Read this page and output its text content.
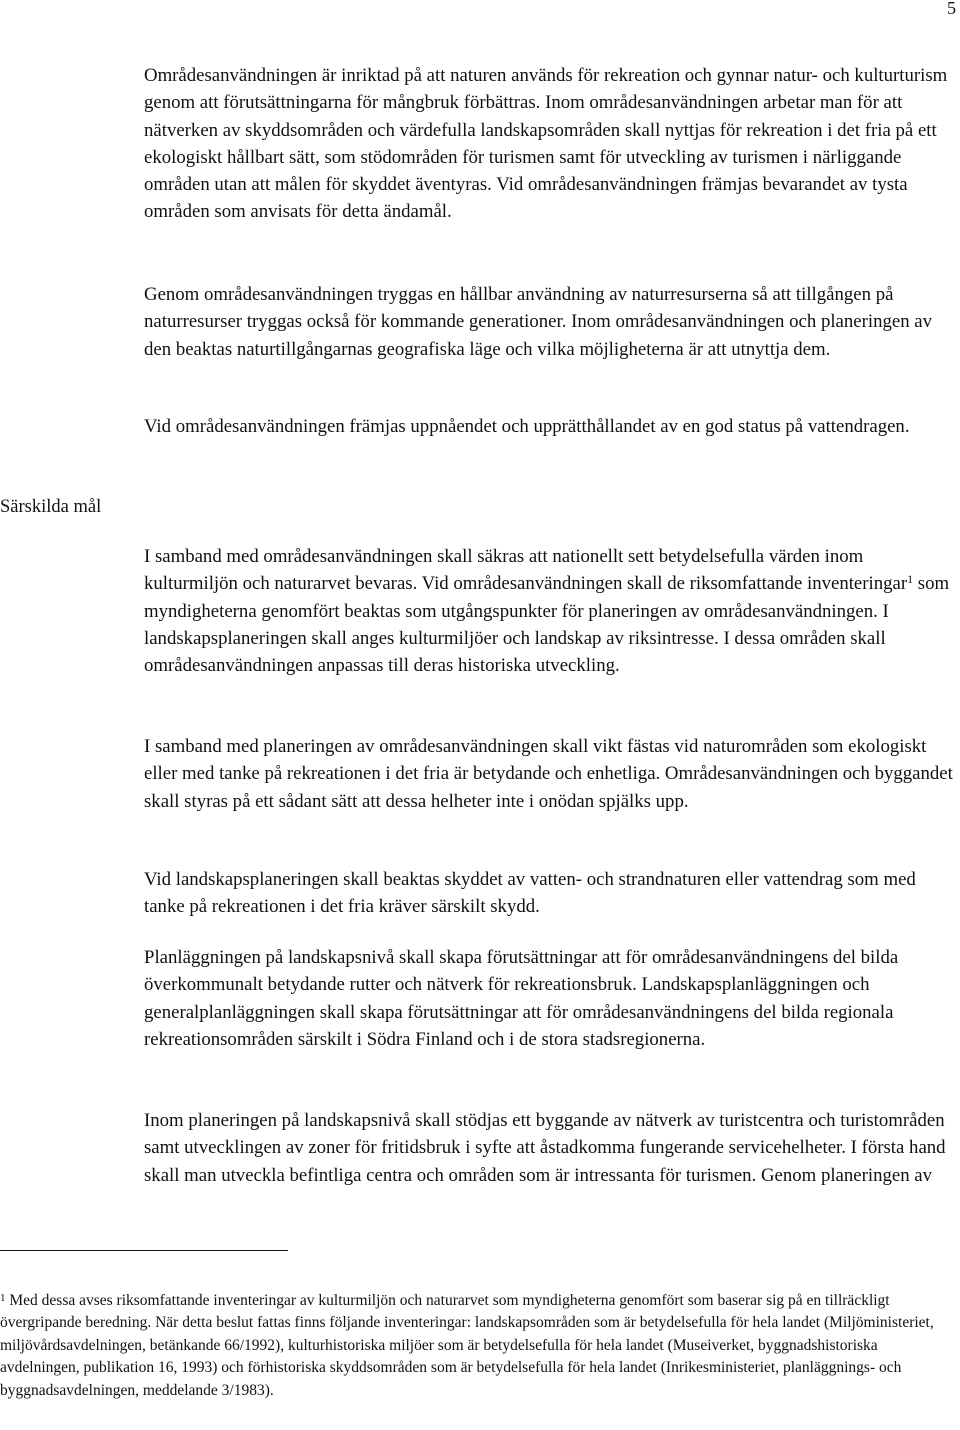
5

Områdesanvändningen är inriktad på att naturen används för rekreation och gynnar natur- och kulturturism genom att förutsättningarna för mångbruk förbättras. Inom områdesanvändningen arbetar man för att nätverken av skyddsområden och värdefulla landskapsområden skall nyttjas för rekreation i det fria på ett ekologiskt hållbart sätt, som stödområden för turismen samt för utveckling av turismen i närliggande områden utan att målen för skyddet äventyras. Vid områdesanvändningen främjas bevarandet av tysta områden som anvisats för detta ändamål.

Genom områdesanvändningen tryggas en hållbar användning av naturresurserna så att tillgången på naturresurser tryggas också för kommande generationer. Inom områdesanvändningen och planeringen av den beaktas naturtillgångarnas geografiska läge och vilka möjligheterna är att utnyttja dem.

Vid områdesanvändningen främjas uppnåendet och upprätthållandet av en god status på vattendragen.

Särskilda mål

I samband med områdesanvändningen skall säkras att nationellt sett betydelsefulla värden inom kulturmiljön och naturarvet bevaras. Vid områdesanvändningen skall de riksomfattande inventeringar$^1$ som myndigheterna genomfört beaktas som utgångspunkter för planeringen av områdesanvändningen. I landskapsplaneringen skall anges kulturmiljöer och landskap av riksintresse. I dessa områden skall områdesanvändningen anpassas till deras historiska utveckling.

I samband med planeringen av områdesanvändningen skall vikt fästas vid naturområden som ekologiskt eller med tanke på rekreationen i det fria är betydande och enhetliga. Områdesanvändningen och byggandet skall styras på ett sådant sätt att dessa helheter inte i onödan spjälks upp.

Vid landskapsplaneringen skall beaktas skyddet av vatten- och strandnaturen eller vattendrag som med tanke på rekreationen i det fria kräver särskilt skydd.

Planläggningen på landskapsnivå skall skapa förutsättningar att för områdesanvändningens del bilda överkommunalt betydande rutter och nätverk för rekreationsbruk. Landskapsplanläggningen och generalplanläggningen skall skapa förutsättningar att för områdesanvändningens del bilda regionala rekreationsområden särskilt i Södra Finland och i de stora stadsregionerna.

Inom planeringen på landskapsnivå skall stödjas ett byggande av nätverk av turistcentra och turistområden samt utvecklingen av zoner för fritidsbruk i syfte att åstadkomma fungerande servicehelheter. I första hand skall man utveckla befintliga centra och områden som är intressanta för turismen. Genom planeringen av

$^1$ Med dessa avses riksomfattande inventeringar av kulturmiljön och naturarvet som myndigheterna genomfört som baserar sig på en tillräckligt övergripande beredning. När detta beslut fattas finns följande inventeringar: landskapsområden som är betydelsefulla för hela landet (Miljöministeriet, miljövårdsavdelningen, betänkande 66/1992), kulturhistoriska miljöer som är betydelsefulla för hela landet (Museiverket, byggnadshistoriska avdelningen, publikation 16, 1993) och förhistoriska skyddsområden som är betydelsefulla för hela landet (Inrikesministeriet, planläggnings- och byggnadsavdelningen, meddelande 3/1983).
